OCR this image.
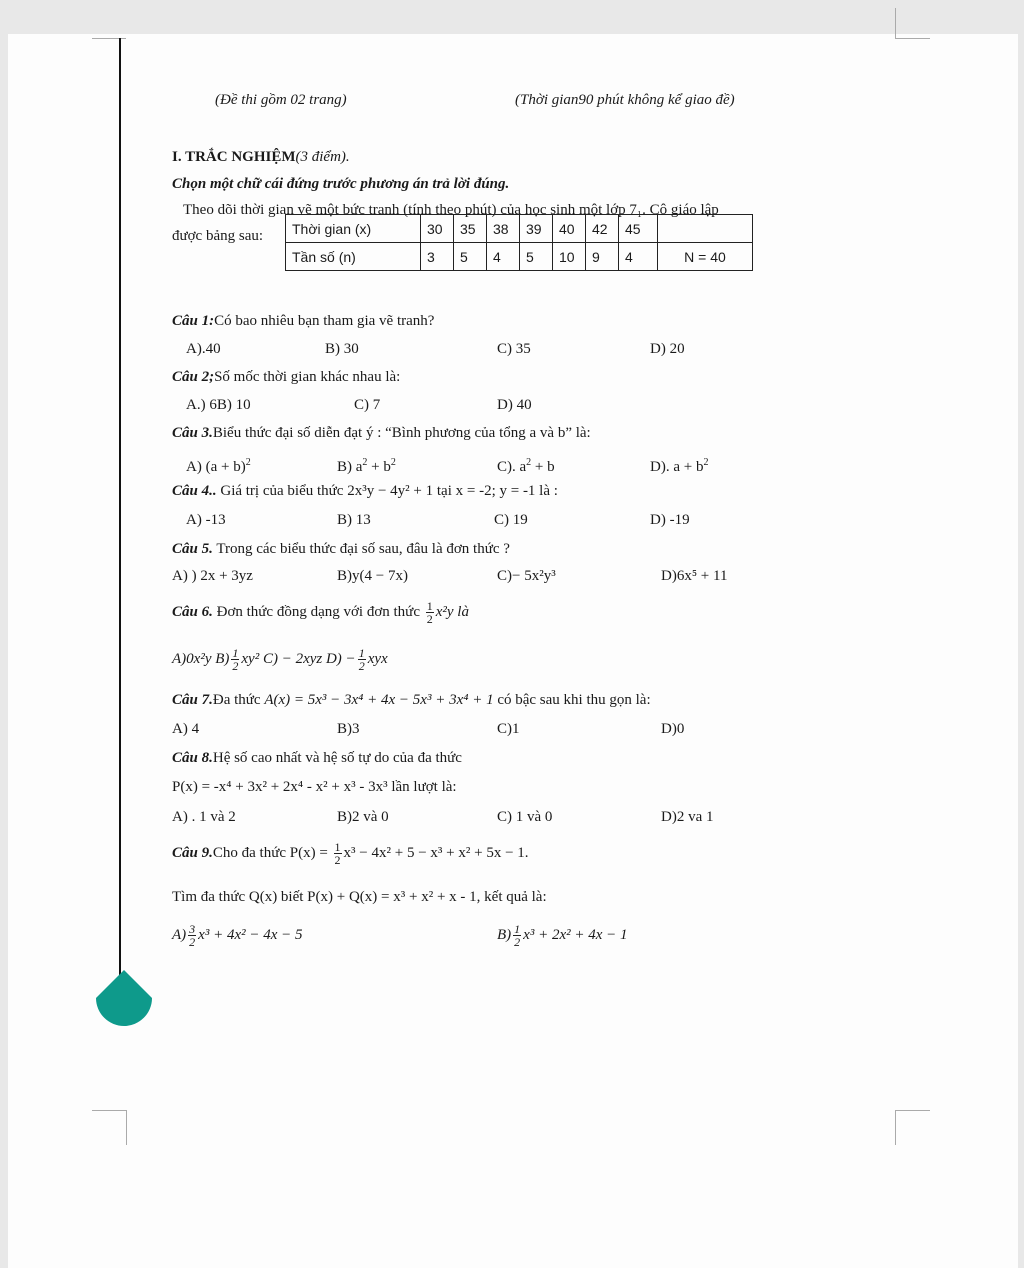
(Đề thi gồm 02 trang)	(Thời gian90 phút không kể giao đề)
I. TRẮC NGHIỆM(3 điểm).
Chọn một chữ cái đứng trước phương án trả lời đúng.
Theo dõi thời gian vẽ một bức tranh (tính theo phút) của học sinh một lớp 7₁. Cô giáo lập
được bảng sau: Thời gian (x)	30	35	38	39	40	42	45	
Tần số (n)	3	5	4	5	10	9	4	N = 40
Câu 1:Có bao nhiêu bạn tham gia vẽ tranh?
A).40	B) 30	C) 35	D) 20
Câu 2;Số mốc thời gian khác nhau là:
A.) 6B) 10	C) 7	D) 40
Câu 3.Biểu thức đại số diễn đạt ý : “Bình phương của tổng a và b” là:
A) $(a + b)^2$	B) $a^2 + b^2$	C). $a^2 + b$	D). $a + b^2$
Câu 4.. Giá trị của biểu thức 2x³y − 4y² + 1 tại x = -2; y = -1 là :
A) -13	B) 13	C) 19	D) -19
Câu 5. Trong các biểu thức đại số sau, đâu là đơn thức ?
A) ) 2x + 3yz	B)y(4 − 7x)	C)− 5x²y³	D)6x⁵ + 11
Câu 6. Đơn thức đồng dạng với đơn thức $\frac{1}{2} x^2y$ là
A)0x²y $B) \frac{1}{2} xy^2$ C) − 2xyz $D) - \frac{1}{2}$ xyx
Câu 7.Đa thức A(x) = 5x³ − 3x⁴ + 4x − 5x³ + 3x⁴ + 1 có bậc sau khi thu gọn là:
A) 4	B)3	C)1	D)0
Câu 8.Hệ số cao nhất và hệ số tự do của đa thức
P(x) = -x⁴ + 3x² + 2x⁴ - x² + x³ - 3x³ lần lượt là:
A) . 1 và 2	B)2 và 0	C) 1 và 0	D)2 va 1
Câu 9.Cho đa thức $P(x) = \frac{1}{2} x^3 - 4x^2 + 5 - x^3 + x^2 + 5x - 1$.
Tìm đa thức Q(x) biết P(x) + Q(x) = x³ + x² + x - 1, kết quả là:
$A) \frac{3}{2} x^3 + 4x^2 - 4x - 5$	$B) \frac{1}{2} x^3 + 2x^2 + 4x - 1$
